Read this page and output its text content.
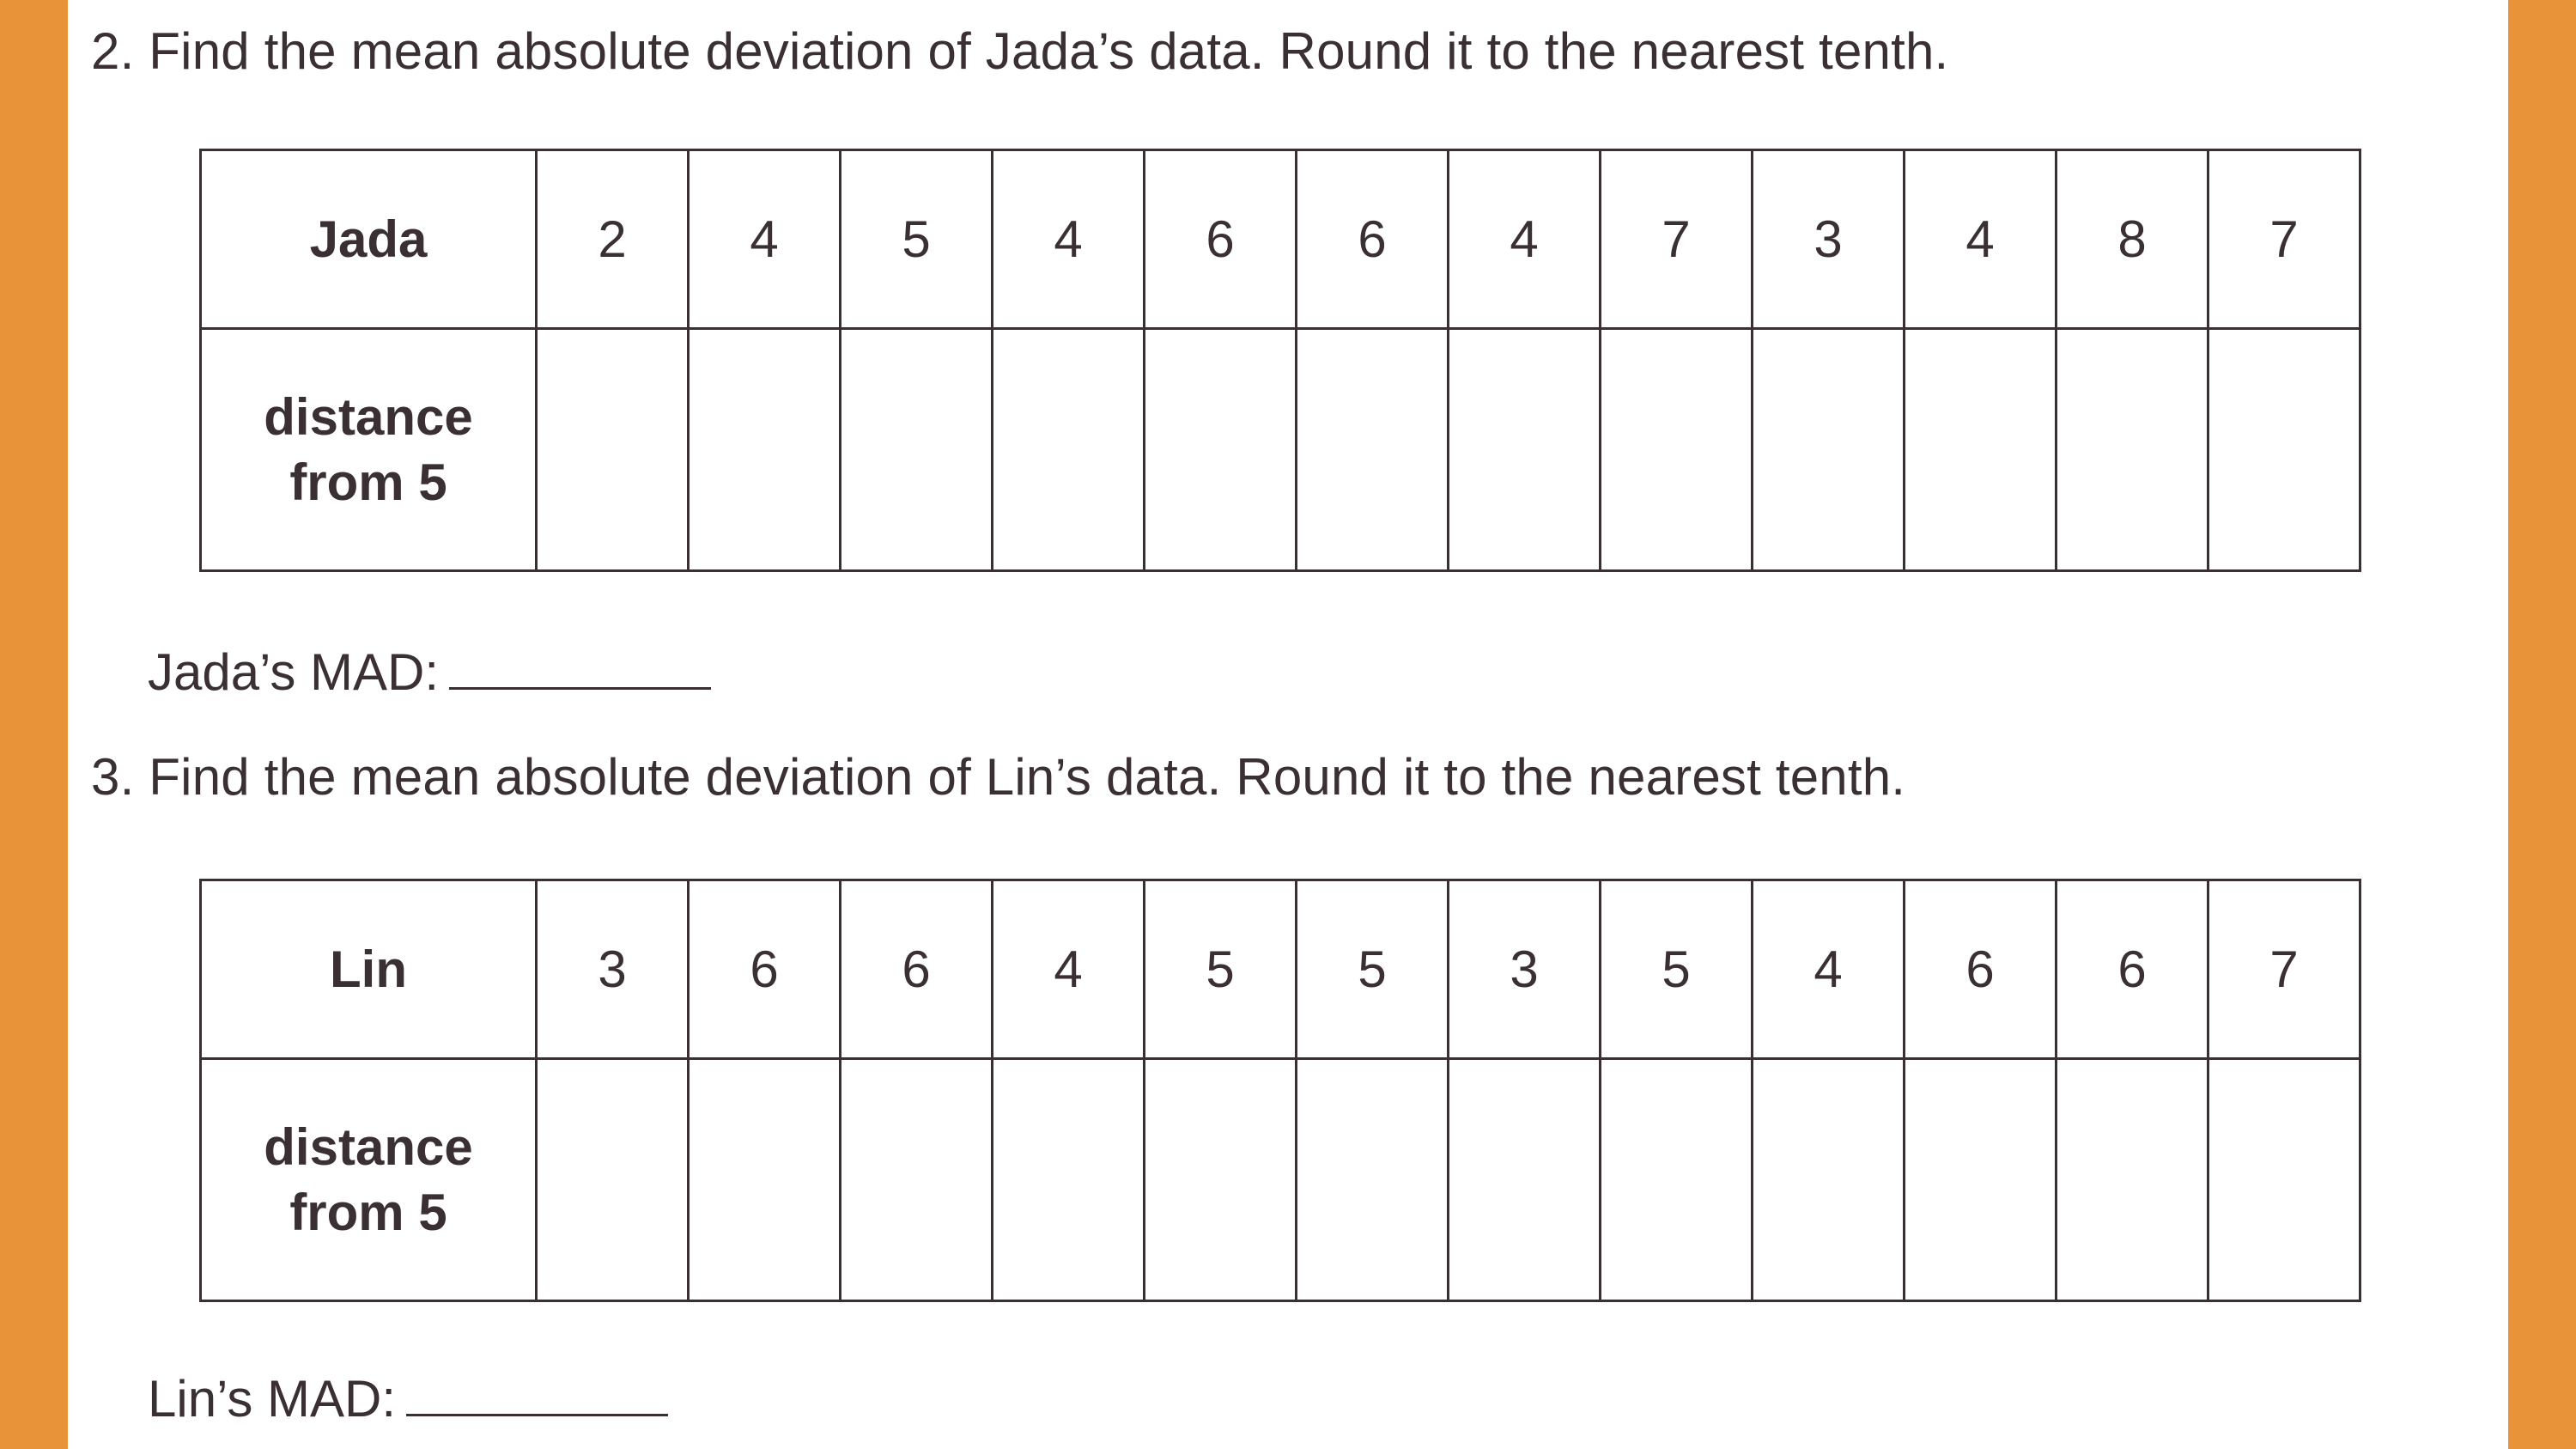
2. Find the mean absolute deviation of Jada’s data. Round it to the nearest tenth.
Jada	2	4	5	4	6	6	4	7	3	4	8	7

distance
from 5												

Jada’s MAD:
3. Find the mean absolute deviation of Lin’s data. Round it to the nearest tenth.
Lin	3	6	6	4	5	5	3	5	4	6	6	7

distance
from 5												

Lin’s MAD:
